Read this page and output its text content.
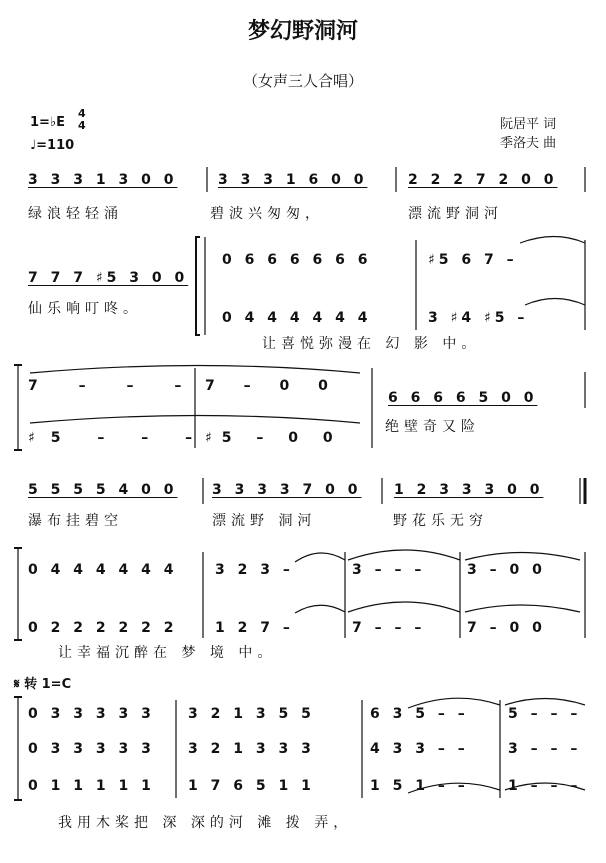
梦幻野洞河
（女声三人合唱）
1=♭E
4
4
♩=110
阮居平 词
季洛夫 曲
3 3 3 1 3 0 0	3 3 3 1 6 0 0	2 2 2 7 2 0 0
绿浪轻轻涌	碧波兴匆匆，	漂流野洞河
7 7 7 ♯5 3 0 0
仙乐响叮咚。
0 6 6 6 6 6 6	♯5 6 7 –
0 4 4 4 4 4 4	3 ♯4 ♯5 –
让喜悦弥漫在 幻 影 中。
7 – – – 7 – 0 0
♯5 – – –
♯5 – 0 0
6 6 6 6 5 0 0
绝壁奇又险
5 5 5 5 4 0 0 3 3 3 3 7 0 0 1 2 3 3 3 0 0
瀑布挂碧空	漂流野 洞河	野花乐无穷
0 4 4 4 4 4 4	3 2 3 –	3 – – –	3 – 0 0
0 2 2 2 2 2 2	1 2 7 –	7 – – –	7 – 0 0
让幸福沉醉在 梦 境 中。
𝄋 转 1=C
0 3 3 3 3 3 3 2 1 3 5 5	6 3 5 – –	5 – – –
0 3 3 3 3 3 3 2 1 3 3 3	4 3 3 – –	3 – – –
0 1 1 1 1 1 1 7 6 5 1 1	1 5 1 – –	1 – – –
我用木桨把 深 深的河 滩 拨 弄，
